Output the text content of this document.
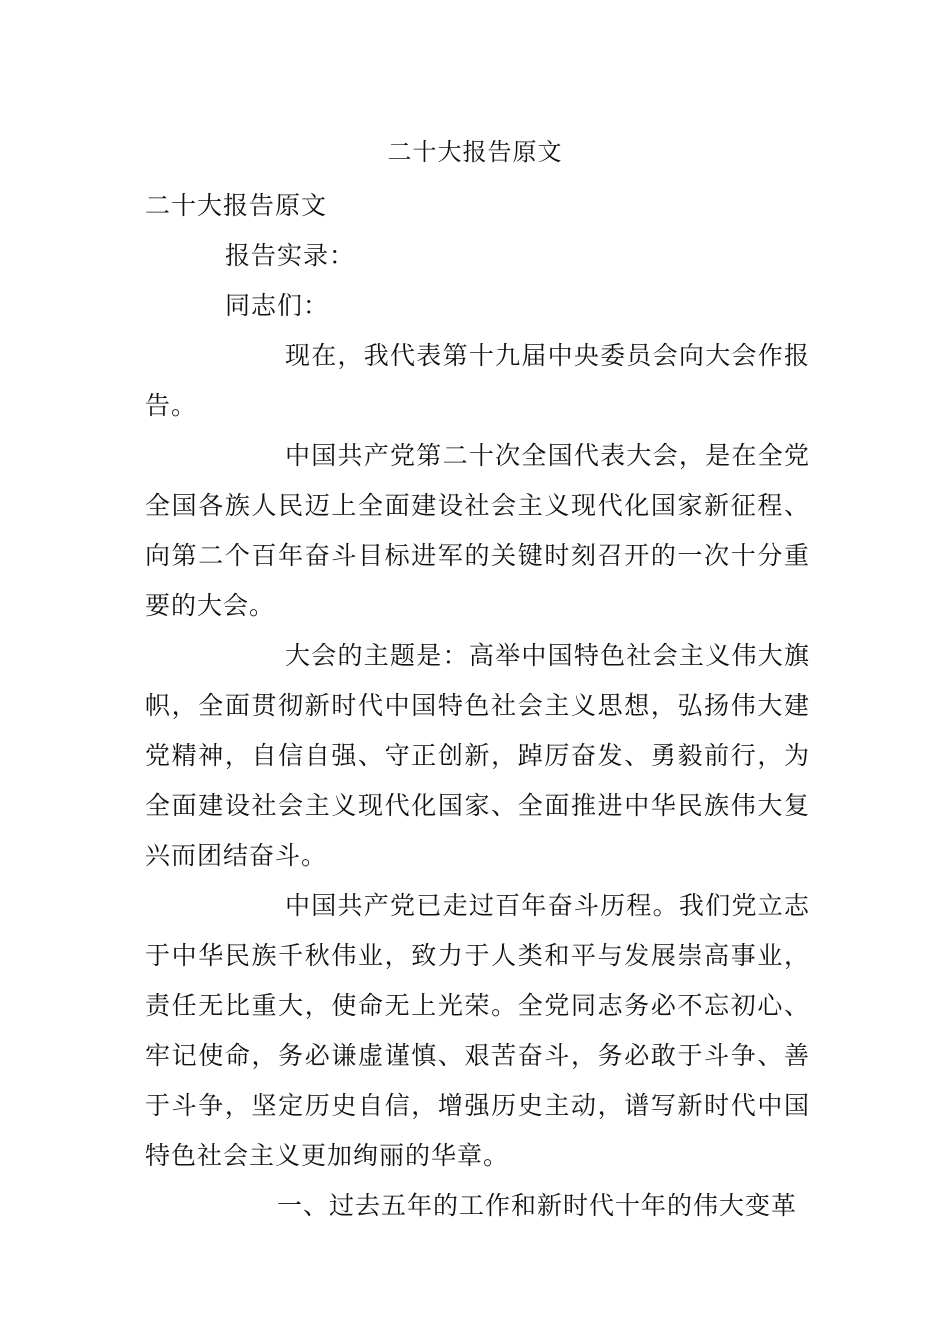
二十大报告原文

二十大报告原文

报告实录：

同志们：

现在，我代表第十九届中央委员会向大会作报告。

中国共产党第二十次全国代表大会，是在全党全国各族人民迈上全面建设社会主义现代化国家新征程、向第二个百年奋斗目标进军的关键时刻召开的一次十分重要的大会。

大会的主题是：高举中国特色社会主义伟大旗帜，全面贯彻新时代中国特色社会主义思想，弘扬伟大建党精神，自信自强、守正创新，踔厉奋发、勇毅前行，为全面建设社会主义现代化国家、全面推进中华民族伟大复兴而团结奋斗。

中国共产党已走过百年奋斗历程。我们党立志于中华民族千秋伟业，致力于人类和平与发展崇高事业，责任无比重大，使命无上光荣。全党同志务必不忘初心、牢记使命，务必谦虚谨慎、艰苦奋斗，务必敢于斗争、善于斗争，坚定历史自信，增强历史主动，谱写新时代中国特色社会主义更加绚丽的华章。

一、过去五年的工作和新时代十年的伟大变革
